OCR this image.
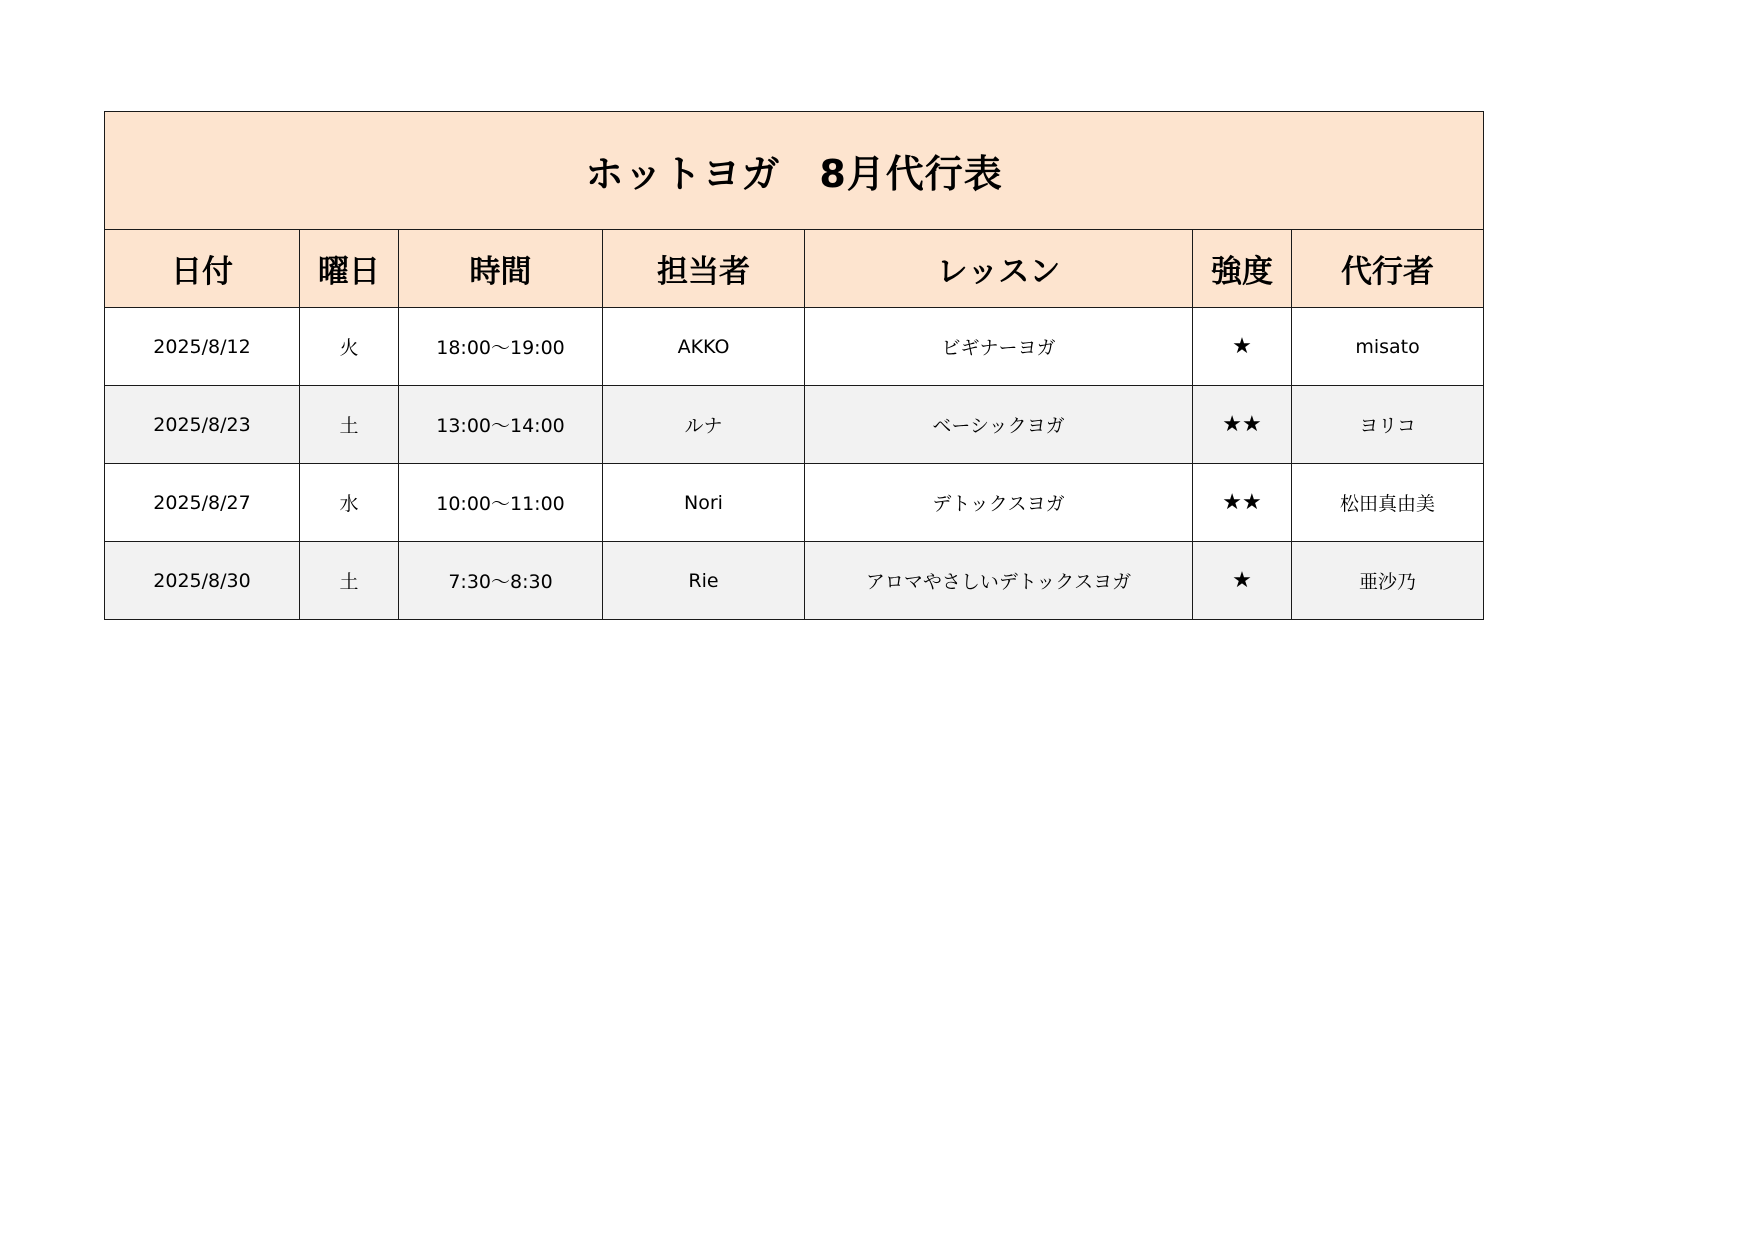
ホットヨガ　8月代行表						
日付	曜日	時間	担当者	レッスン	強度	代行者
2025/8/12	火	18:00〜19:00	AKKO	ビギナーヨガ	★	misato
2025/8/23	土	13:00〜14:00	ルナ	ベーシックヨガ	★★	ヨリコ
2025/8/27	水	10:00〜11:00	Nori	デトックスヨガ	★★	松田真由美
2025/8/30	土	7:30〜8:30	Rie	アロマやさしいデトックスヨガ	★	亜沙乃
